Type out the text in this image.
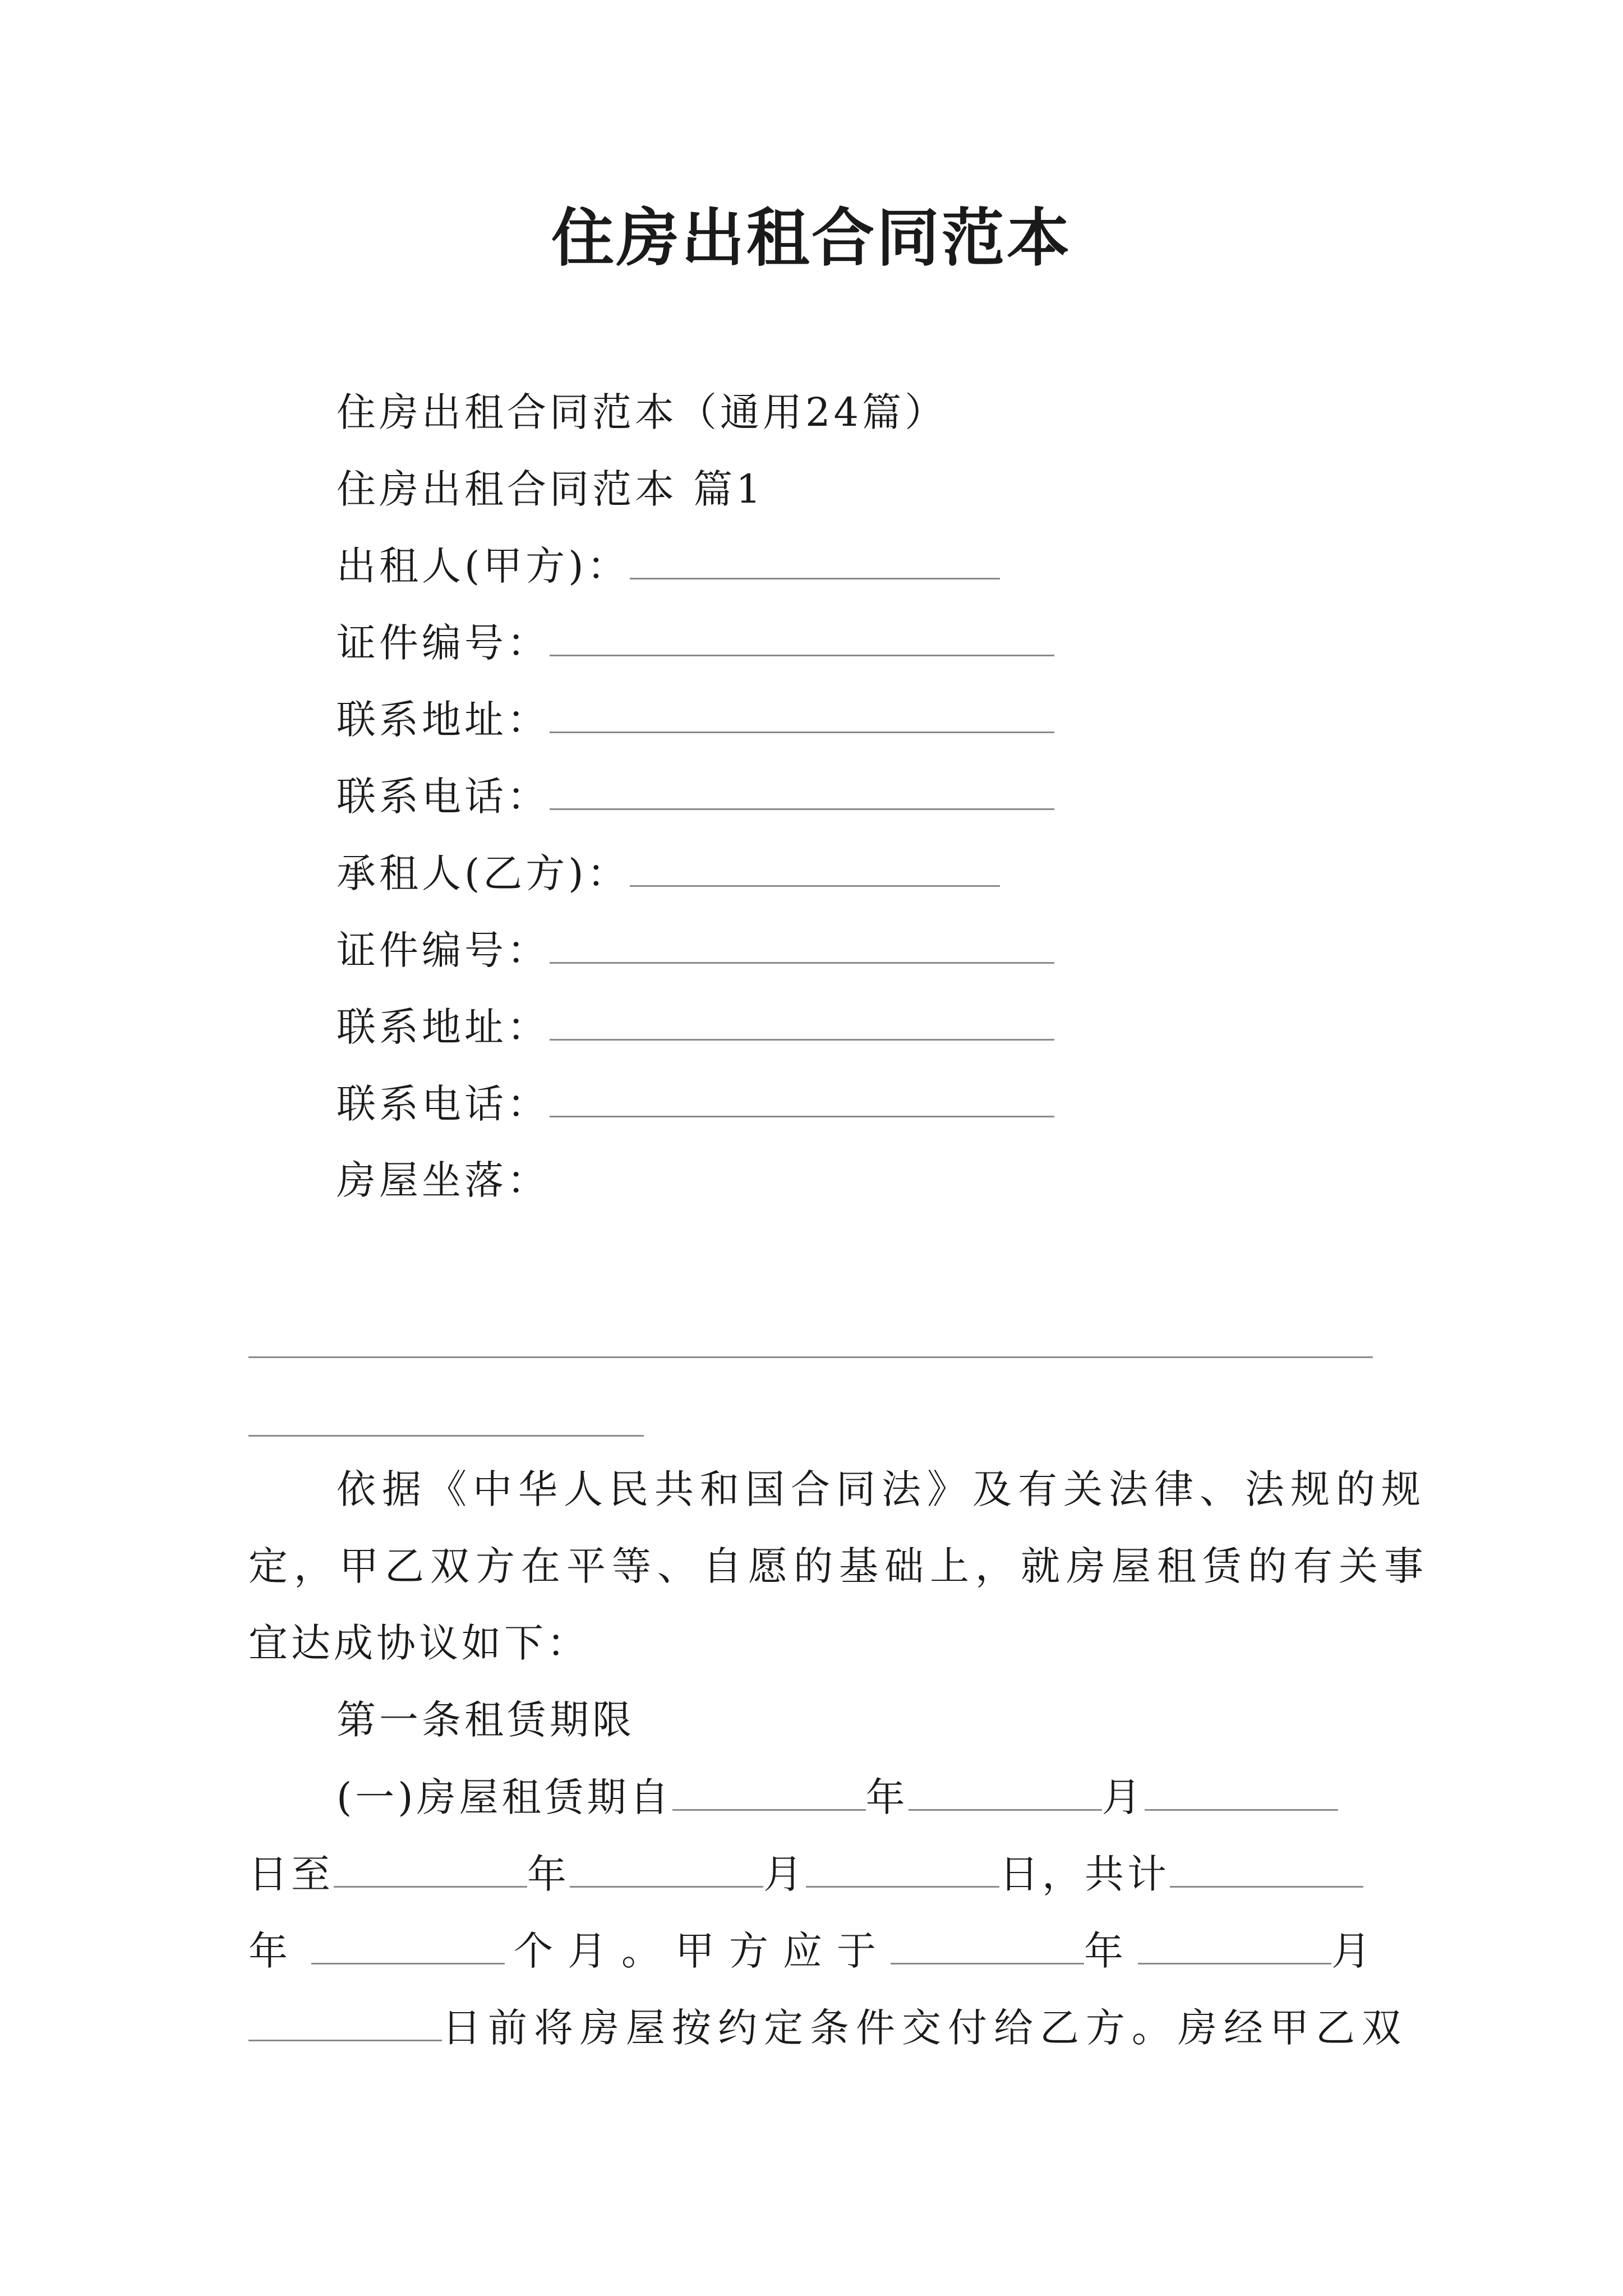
住房出租合同范本
住房出租合同范本（通用24篇）
住房出租合同范本 篇1
出租人(甲方)：
证件编号：
联系地址：
联系电话：
承租人(乙方)：
证件编号：
联系地址：
联系电话：
房屋坐落：
依据《中华人民共和国合同法》及有关法律、法规的规
定，甲乙双方在平等、自愿的基础上，就房屋租赁的有关事
宜达成协议如下：
第一条租赁期限
(一)房屋租赁期自	年	月
日至	年	月	日，共计
年	个月。甲方应于	年	月
日前将房屋按约定条件交付给乙方。房经甲乙双
